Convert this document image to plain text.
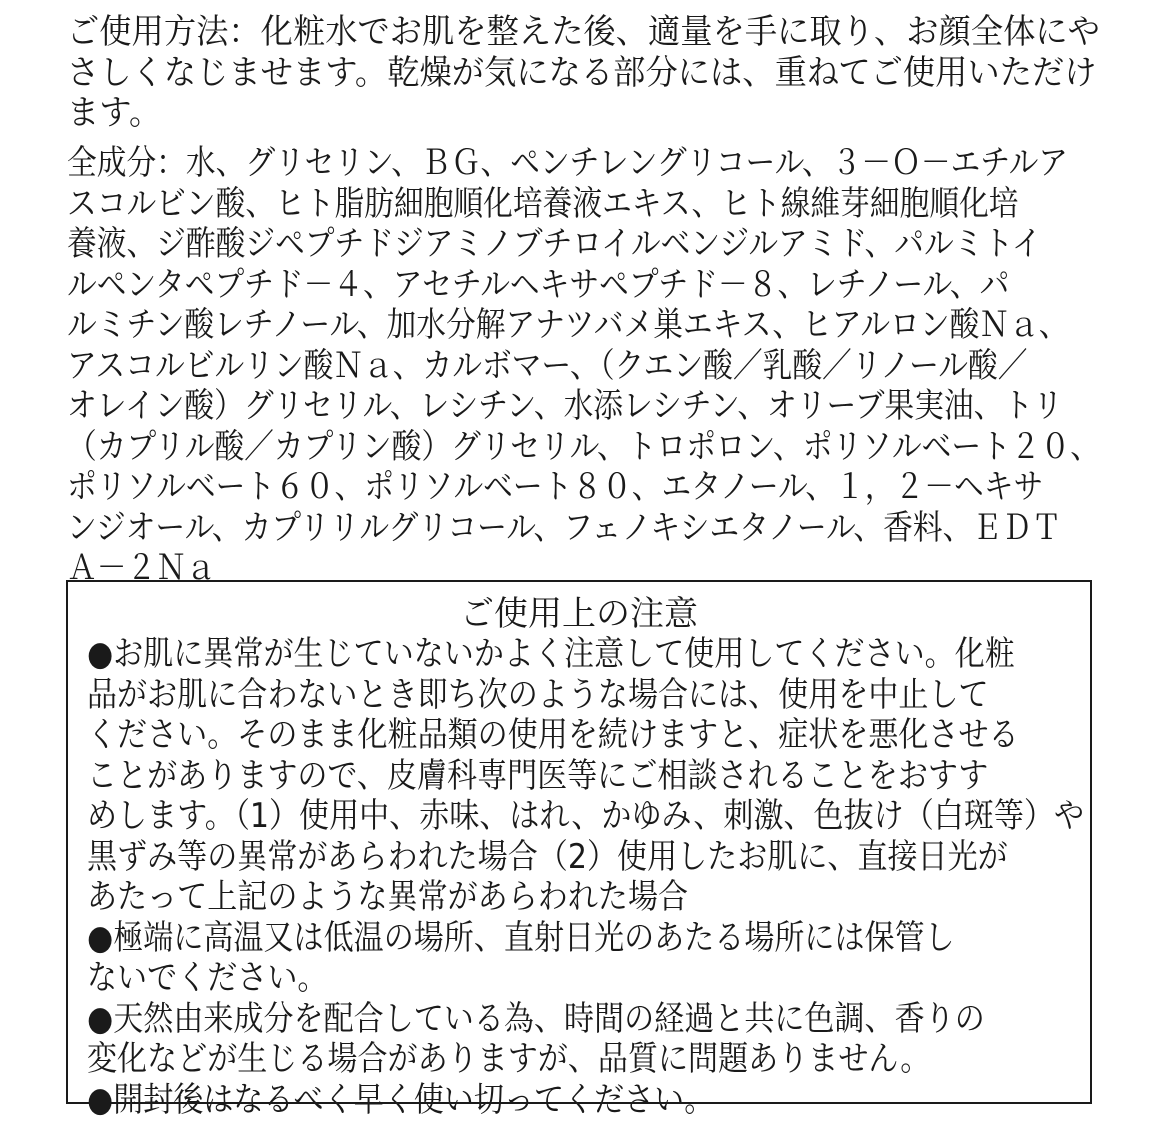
ご使用方法：化粧水でお肌を整えた後、適量を手に取り、お顔全体にや
さしくなじませます。乾燥が気になる部分には、重ねてご使用いただけ
ます。
全成分：水、グリセリン、ＢＧ、ペンチレングリコール、３－Ｏ－エチルア
スコルビン酸、ヒト脂肪細胞順化培養液エキス、ヒト線維芽細胞順化培
養液、ジ酢酸ジペプチドジアミノブチロイルベンジルアミド、パルミトイ
ルペンタペプチド－４、アセチルヘキサペプチド－８、レチノール、パ
ルミチン酸レチノール、加水分解アナツバメ巣エキス、ヒアルロン酸Ｎａ、
アスコルビルリン酸Ｎａ、カルボマー、（クエン酸／乳酸／リノール酸／
オレイン酸）グリセリル、レシチン、水添レシチン、オリーブ果実油、トリ
（カプリル酸／カプリン酸）グリセリル、トロポロン、ポリソルベート２０、
ポリソルベート６０、ポリソルベート８０、エタノール、１，２－ヘキサ
ンジオール、カプリリルグリコール、フェノキシエタノール、香料、ＥＤＴ
Ａ－２Ｎａ
ご使用上の注意
●お肌に異常が生じていないかよく注意して使用してください。化粧
品がお肌に合わないとき即ち次のような場合には、使用を中止して
ください。そのまま化粧品類の使用を続けますと、症状を悪化させる
ことがありますので、皮膚科専門医等にご相談されることをおすす
めします。（1）使用中、赤味、はれ、かゆみ、刺激、色抜け（白斑等）や
黒ずみ等の異常があらわれた場合（2）使用したお肌に、直接日光が
あたって上記のような異常があらわれた場合
●極端に高温又は低温の場所、直射日光のあたる場所には保管し
ないでください。
●天然由来成分を配合している為、時間の経過と共に色調、香りの
変化などが生じる場合がありますが、品質に問題ありません。
●開封後はなるべく早く使い切ってください。
